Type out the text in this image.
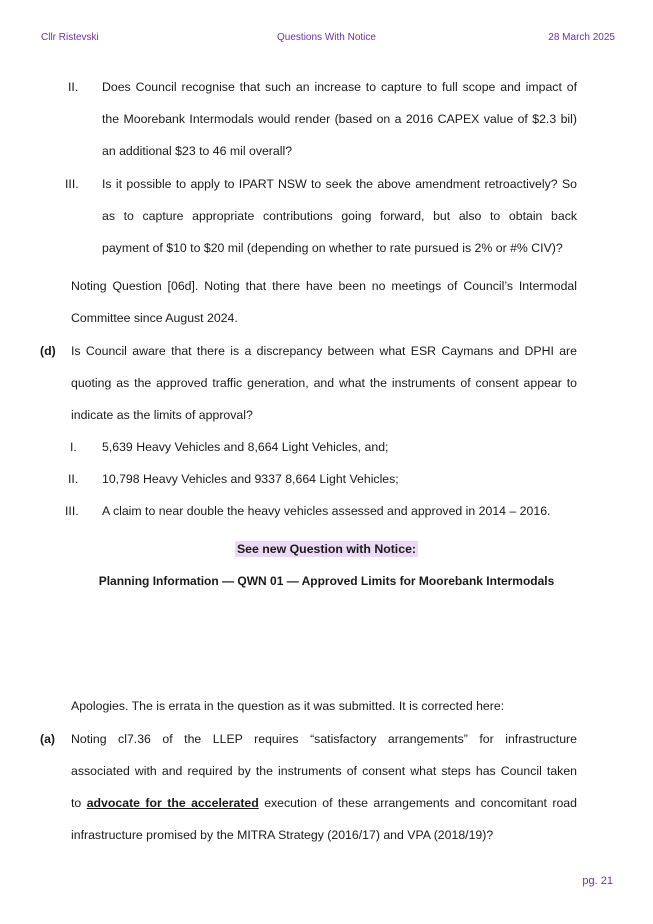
Cllr Ristevski	Questions With Notice	28 March 2025
II. Does Council recognise that such an increase to capture to full scope and impact of
the Moorebank Intermodals would render (based on a 2016 CAPEX value of $2.3 bil)
an additional $23 to 46 mil overall?
III. Is it possible to apply to IPART NSW to seek the above amendment retroactively? So
as to capture appropriate contributions going forward, but also to obtain back
payment of $10 to $20 mil (depending on whether to rate pursued is 2% or #% CIV)?
Noting Question [06d]. Noting that there have been no meetings of Council’s Intermodal
Committee since August 2024.
(d) Is Council aware that there is a discrepancy between what ESR Caymans and DPHI are
quoting as the approved traffic generation, and what the instruments of consent appear to
indicate as the limits of approval?
I. 5,639 Heavy Vehicles and 8,664 Light Vehicles, and;
II. 10,798 Heavy Vehicles and 9337 8,664 Light Vehicles;
III. A claim to near double the heavy vehicles assessed and approved in 2014 – 2016.
See new Question with Notice:
Planning Information — QWN 01 — Approved Limits for Moorebank Intermodals
Apologies. The is errata in the question as it was submitted. It is corrected here:
(a) Noting cl7.36 of the LLEP requires “satisfactory arrangements” for infrastructure
associated with and required by the instruments of consent what steps has Council taken
to advocate for the accelerated execution of these arrangements and concomitant road
infrastructure promised by the MITRA Strategy (2016/17) and VPA (2018/19)?
pg. 21
